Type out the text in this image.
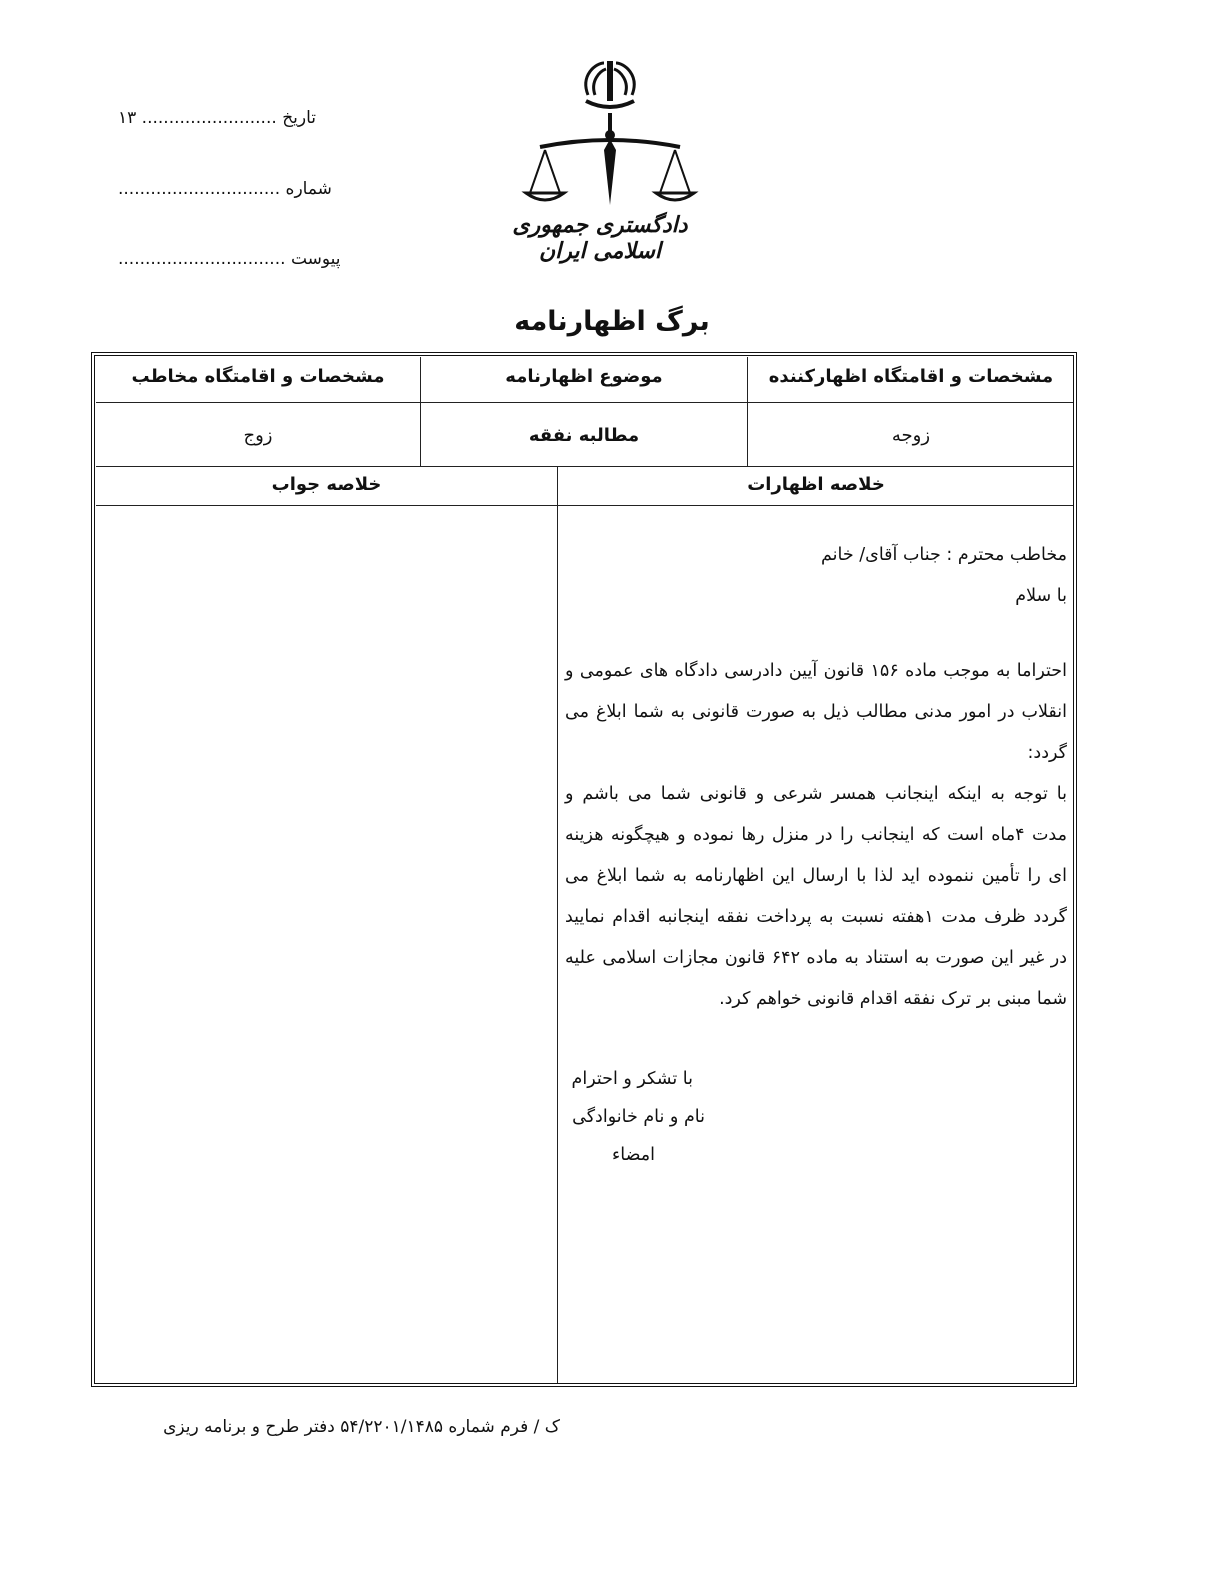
تاریخ ......................... ۱۳
شماره ..............................
پیوست ...............................
دادگستری جمهوری اسلامی ایران
برگ اظهارنامه
مشخصات و اقامتگاه اظهارکننده
موضوع اظهارنامه
مشخصات و اقامتگاه مخاطب
زوجه
مطالبه نفقه
زوج
خلاصه اظهارات
خلاصه جواب

مخاطب محترم : جناب آقای/ خانم

با سلام

احتراما به موجب ماده ۱۵۶ قانون آیین دادرسی دادگاه های عمومی و انقلاب در امور مدنی مطالب ذیل به صورت قانونی به شما ابلاغ می گردد:

با توجه به اینکه اینجانب همسر شرعی و قانونی شما می باشم و مدت ۴ماه است که اینجانب را در منزل رها نموده و هیچگونه هزینه ای را تأمین ننموده اید لذا با ارسال این اظهارنامه به شما ابلاغ می گردد ظرف مدت ۱هفته نسبت به پرداخت نفقه اینجانبه اقدام نمایید در غیر این صورت به استناد به ماده ۶۴۲ قانون مجازات اسلامی علیه شما مبنی بر ترک نفقه اقدام قانونی خواهم کرد.

با تشکر و احترام
نام و نام خانوادگی
امضاء
ک / فرم شماره ۵۴/۲۲۰۱/۱۴۸۵ دفتر طرح و برنامه ریزی
